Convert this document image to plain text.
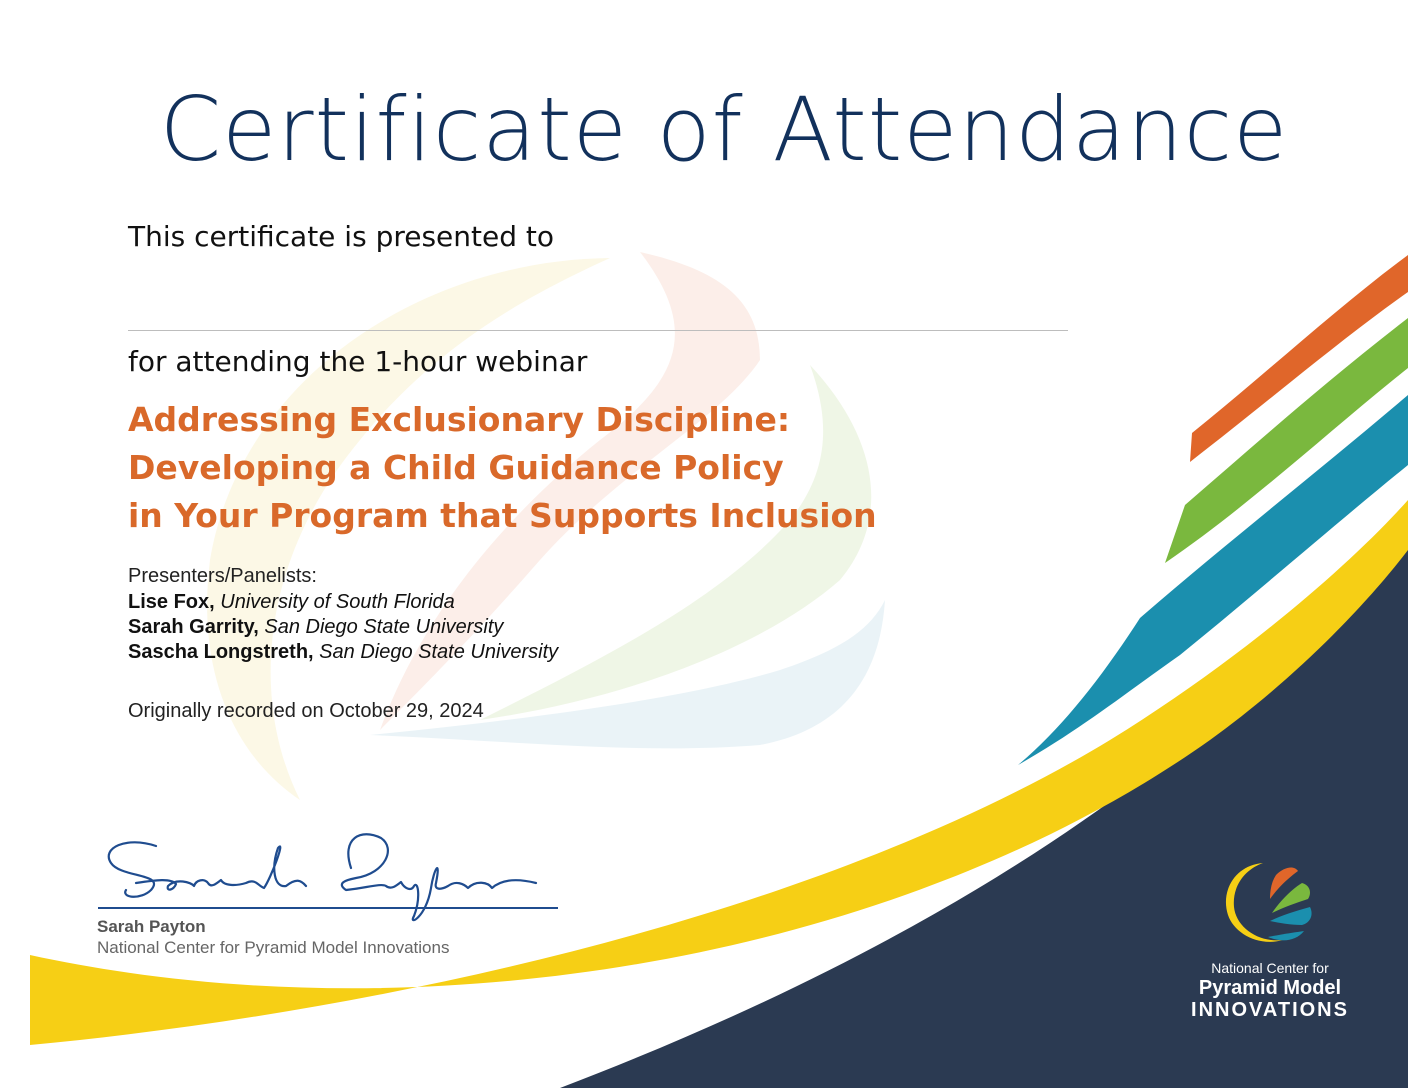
Certificate of Attendance

This certificate is presented to

for attending the 1-hour webinar

Addressing Exclusionary Discipline:
Developing a Child Guidance Policy
in Your Program that Supports Inclusion

Presenters/Panelists:

Lise Fox, University of South Florida
Sarah Garrity, San Diego State University
Sascha Longstreth, San Diego State University

Originally recorded on October 29, 2024

Sarah Payton

National Center for Pyramid Model Innovations

National Center for
Pyramid Model
INNOVATIONS
